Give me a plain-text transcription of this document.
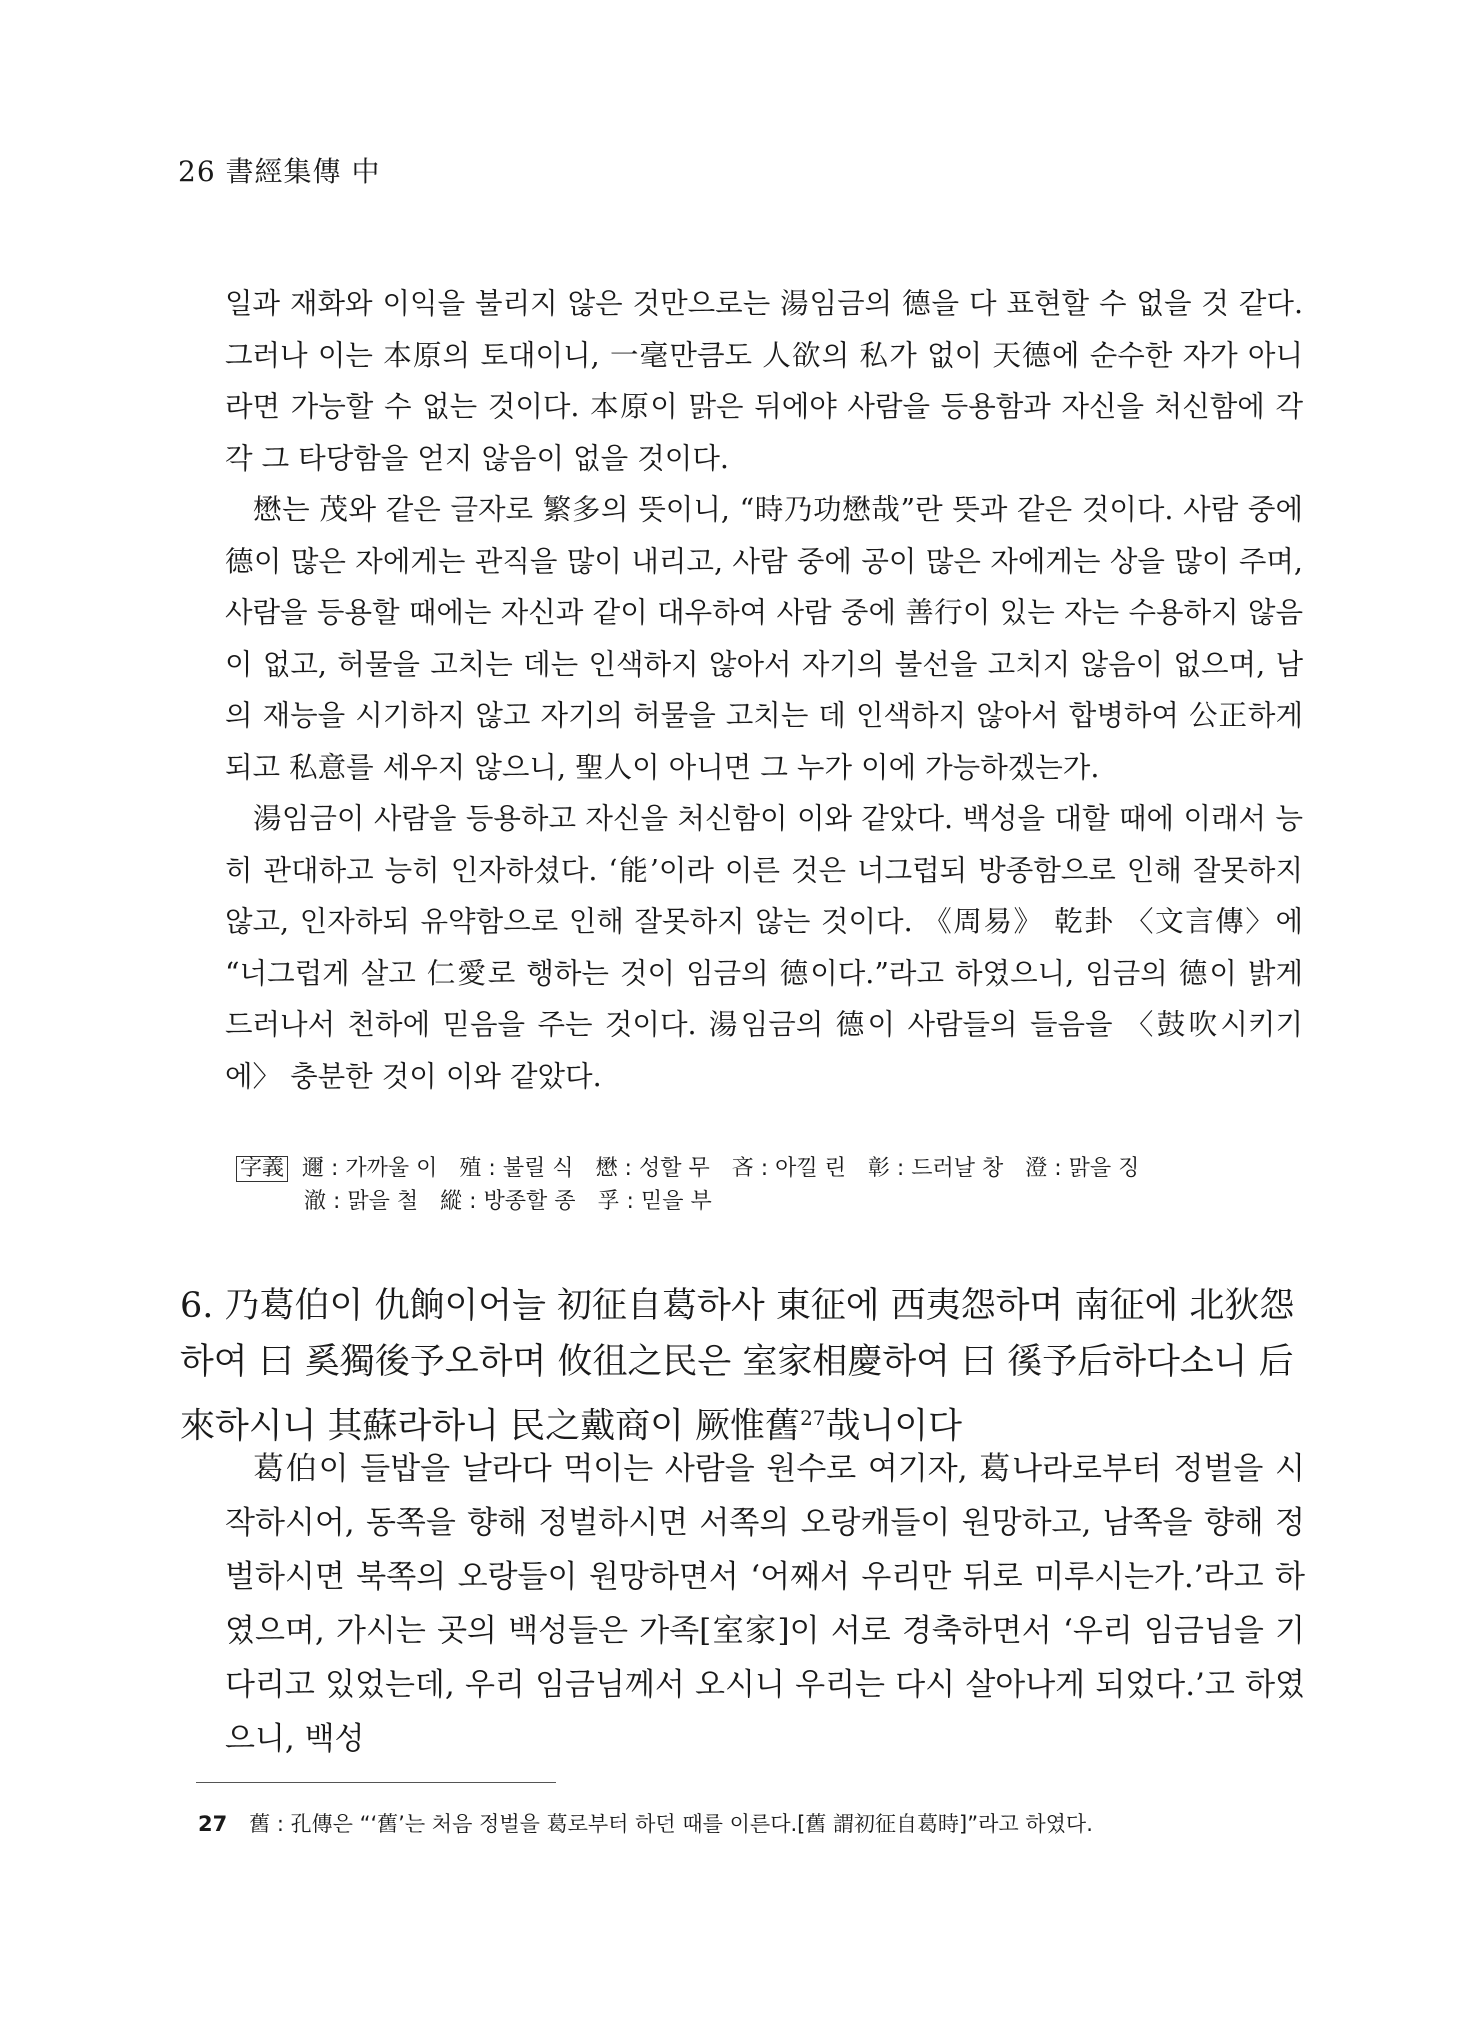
26 書經集傳 中

일과 재화와 이익을 불리지 않은 것만으로는 湯임금의 德을 다 표현할 수 없을 것 같다. 그러나 이는 本原의 토대이니, 一毫만큼도 人欲의 私가 없이 天德에 순수한 자가 아니라면 가능할 수 없는 것이다. 本原이 맑은 뒤에야 사람을 등용함과 자신을 처신함에 각각 그 타당함을 얻지 않음이 없을 것이다.

懋는 茂와 같은 글자로 繁多의 뜻이니, “時乃功懋哉”란 뜻과 같은 것이다. 사람 중에 德이 많은 자에게는 관직을 많이 내리고, 사람 중에 공이 많은 자에게는 상을 많이 주며, 사람을 등용할 때에는 자신과 같이 대우하여 사람 중에 善行이 있는 자는 수용하지 않음이 없고, 허물을 고치는 데는 인색하지 않아서 자기의 불선을 고치지 않음이 없으며, 남의 재능을 시기하지 않고 자기의 허물을 고치는 데 인색하지 않아서 합병하여 公正하게 되고 私意를 세우지 않으니, 聖人이 아니면 그 누가 이에 가능하겠는가.

湯임금이 사람을 등용하고 자신을 처신함이 이와 같았다. 백성을 대할 때에 이래서 능히 관대하고 능히 인자하셨다. ‘能’이라 이른 것은 너그럽되 방종함으로 인해 잘못하지 않고, 인자하되 유약함으로 인해 잘못하지 않는 것이다. 《周易》 乾卦 〈文言傳〉에 “너그럽게 살고 仁愛로 행하는 것이 임금의 德이다.”라고 하였으니, 임금의 德이 밝게 드러나서 천하에 믿음을 주는 것이다. 湯임금의 德이 사람들의 들음을 〈鼓吹시키기에〉 충분한 것이 이와 같았다.

字義 邇 : 가까울 이　殖 : 불릴 식　懋 : 성할 무　吝 : 아낄 린　彰 : 드러날 창　澄 : 맑을 징
澈 : 맑을 철　縱 : 방종할 종　孚 : 믿을 부
6. 乃葛伯이 仇餉이어늘 初征自葛하사 東征에 西夷怨하며 南征에 北狄怨하여 曰 奚獨後予오하며 攸徂之民은 室家相慶하여 曰 徯予后하다소니 后來하시니 其蘇라하니 民之戴商이 厥惟舊$^{27}$哉니이다

葛伯이 들밥을 날라다 먹이는 사람을 원수로 여기자, 葛나라로부터 정벌을 시작하시어, 동쪽을 향해 정벌하시면 서쪽의 오랑캐들이 원망하고, 남쪽을 향해 정벌하시면 북쪽의 오랑들이 원망하면서 ‘어째서 우리만 뒤로 미루시는가.’라고 하였으며, 가시는 곳의 백성들은 가족[室家]이 서로 경축하면서 ‘우리 임금님을 기다리고 있었는데, 우리 임금님께서 오시니 우리는 다시 살아나게 되었다.’고 하였으니, 백성

27 舊 : 孔傳은 “‘舊’는 처음 정벌을 葛로부터 하던 때를 이른다.[舊 謂初征自葛時]”라고 하였다.
